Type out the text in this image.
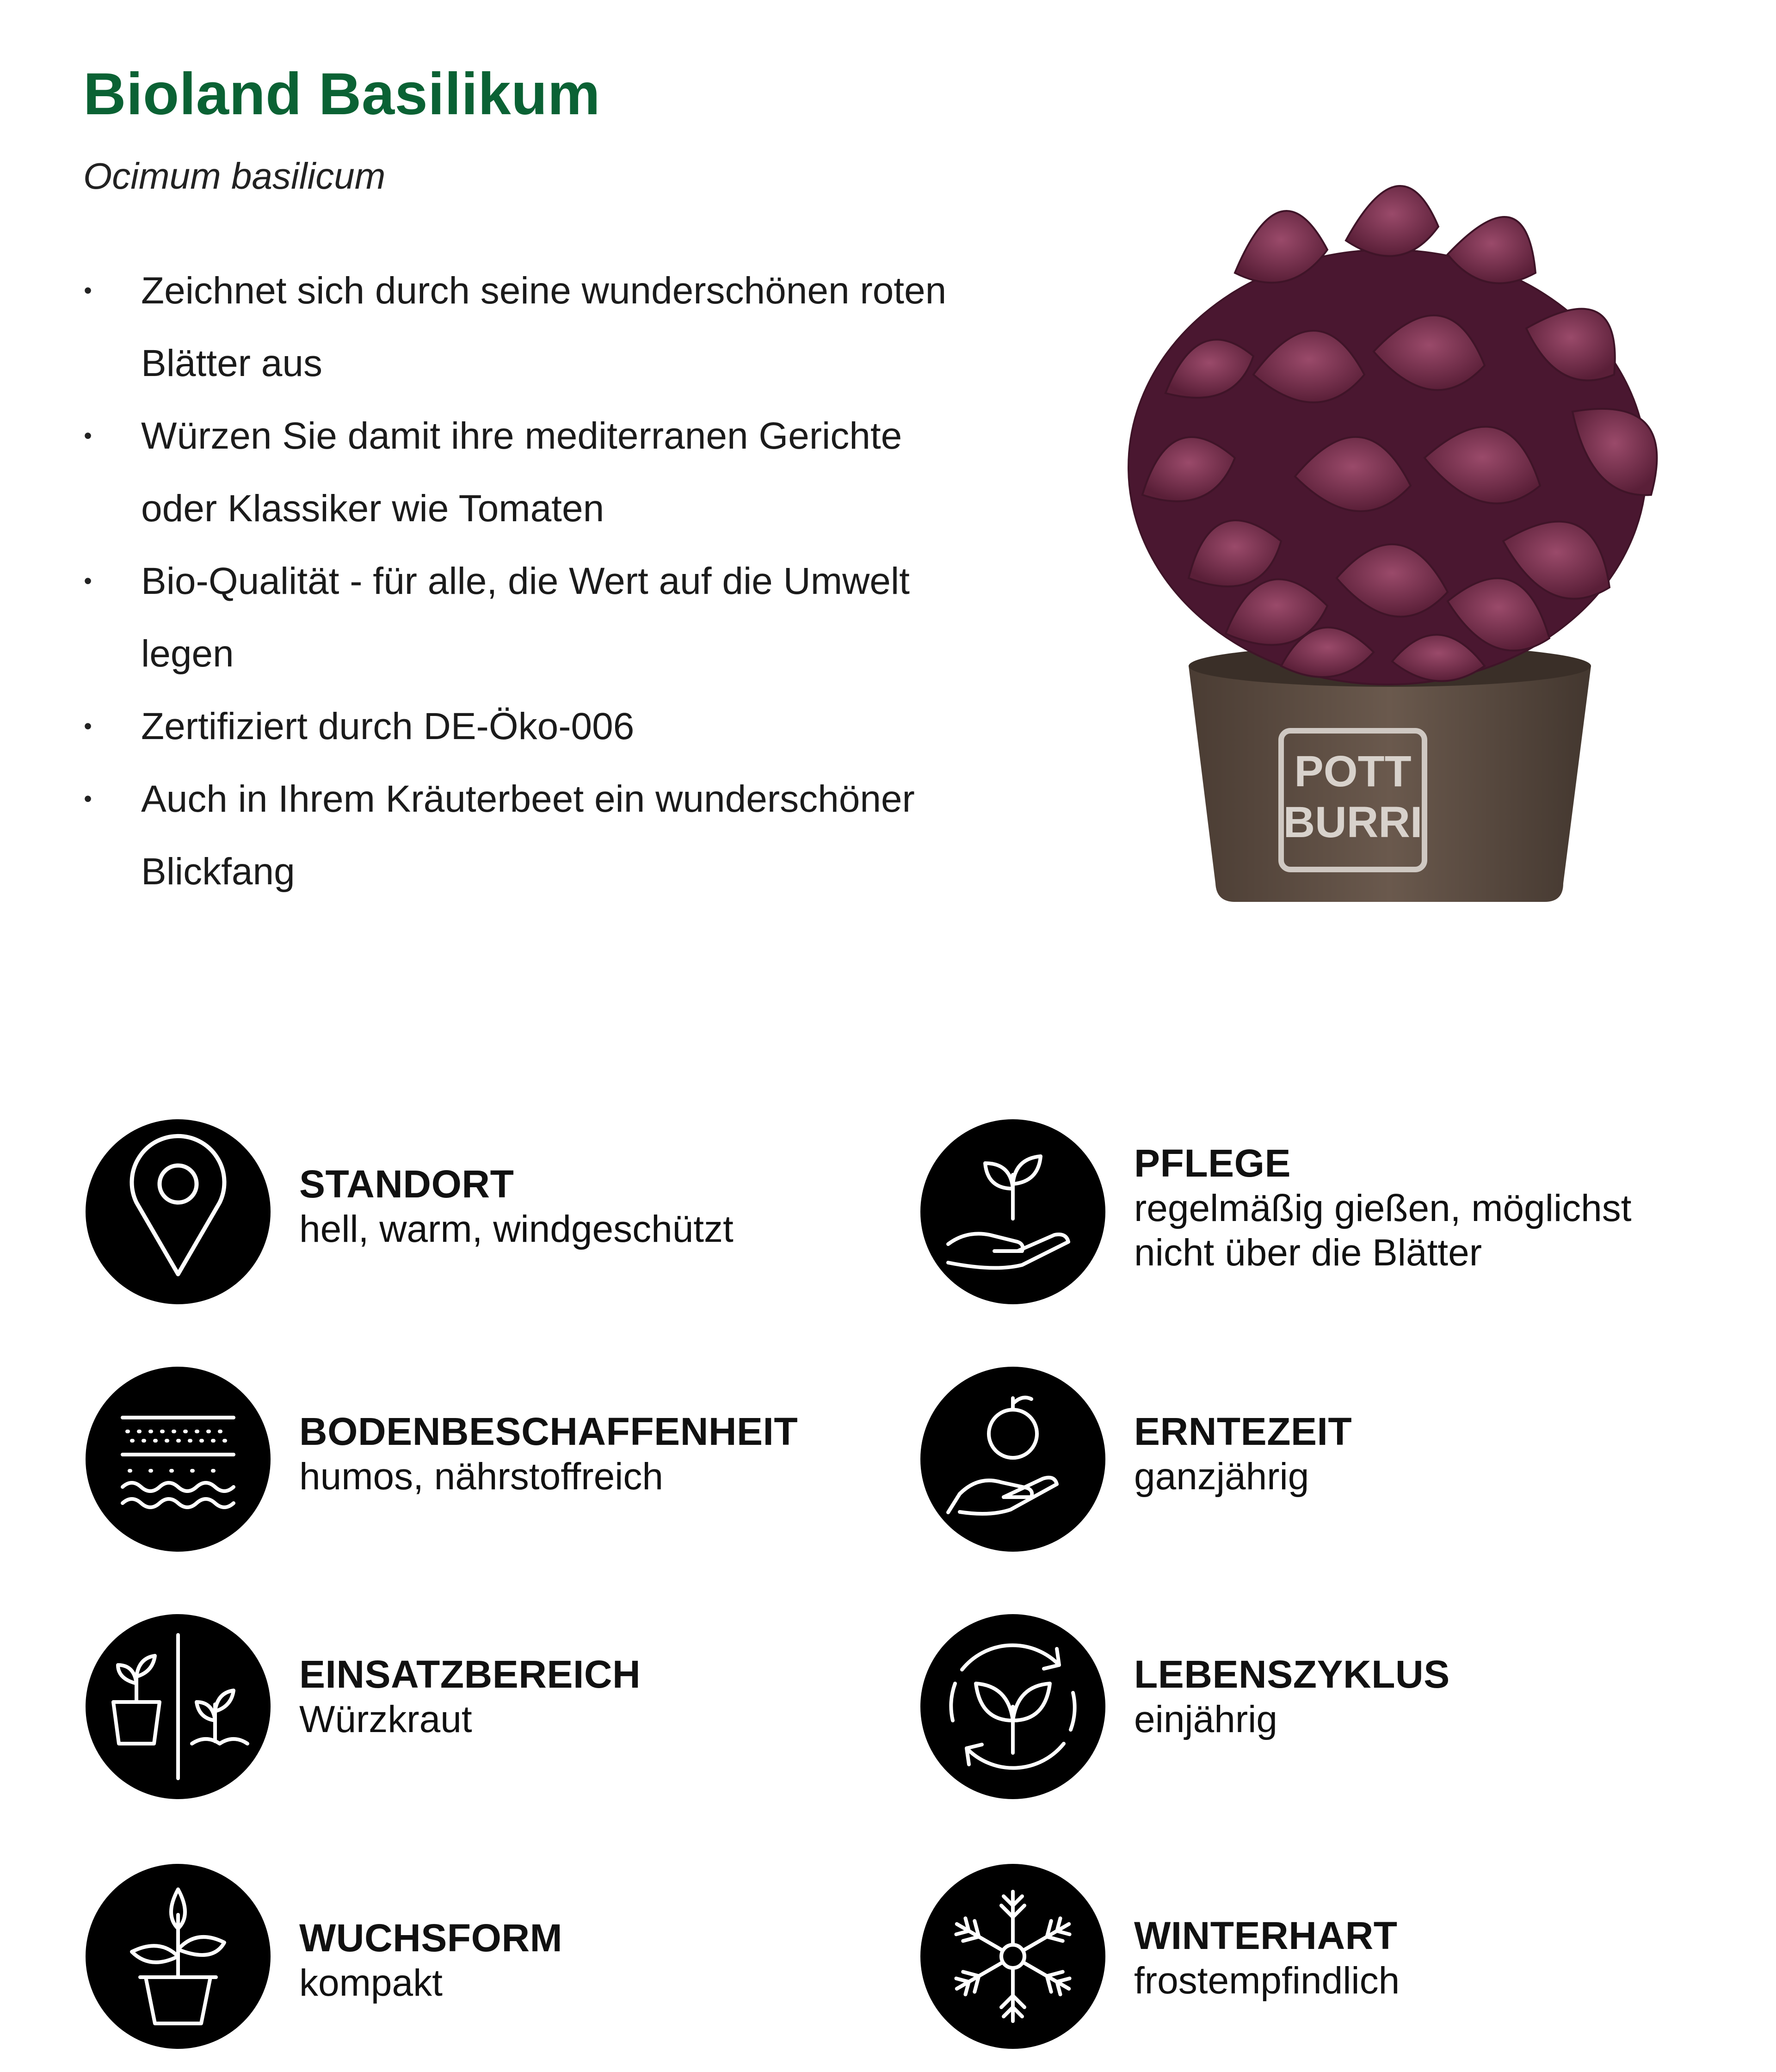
Bioland Basilikum
Ocimum basilicum
• Zeichnet sich durch seine wunderschönen roten Blätter aus
• Würzen Sie damit ihre mediterranen Gerichte oder Klassiker wie Tomaten
• Bio-Qualität - für alle, die Wert auf die Umwelt legen
• Zertifiziert durch DE-Öko-006
• Auch in Ihrem Kräuterbeet ein wunderschöner Blickfang
POTT
BURRI
STANDORT
hell, warm, windgeschützt
BODENBESCHAFFENHEIT
humos, nährstoffreich
EINSATZBEREICH
Würzkraut
WUCHSFORM
kompakt
PFLEGE
regelmäßig gießen, möglichst
nicht über die Blätter
ERNTEZEIT
ganzjährig
LEBENSZYKLUS
einjährig
WINTERHART
frostempfindlich
